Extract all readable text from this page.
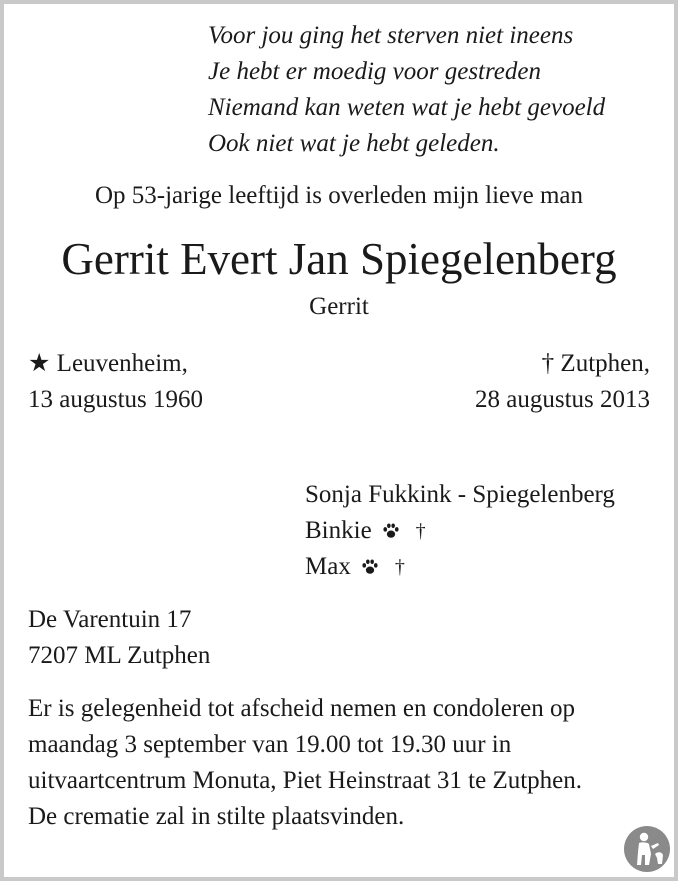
Voor jou ging het sterven niet ineens
Je hebt er moedig voor gestreden
Niemand kan weten wat je hebt gevoeld
Ook niet wat je hebt geleden.
Op 53-jarige leeftijd is overleden mijn lieve man
Gerrit Evert Jan Spiegelenberg
Gerrit
★ Leuvenheim,
13 augustus 1960
† Zutphen,
28 augustus 2013
Sonja Fukkink - Spiegelenberg
Binkie †
Max †
De Varentuin 17
7207 ML Zutphen
Er is gelegenheid tot afscheid nemen en condoleren op
maandag 3 september van 19.00 tot 19.30 uur in
uitvaartcentrum Monuta, Piet Heinstraat 31 te Zutphen.
De crematie zal in stilte plaatsvinden.
